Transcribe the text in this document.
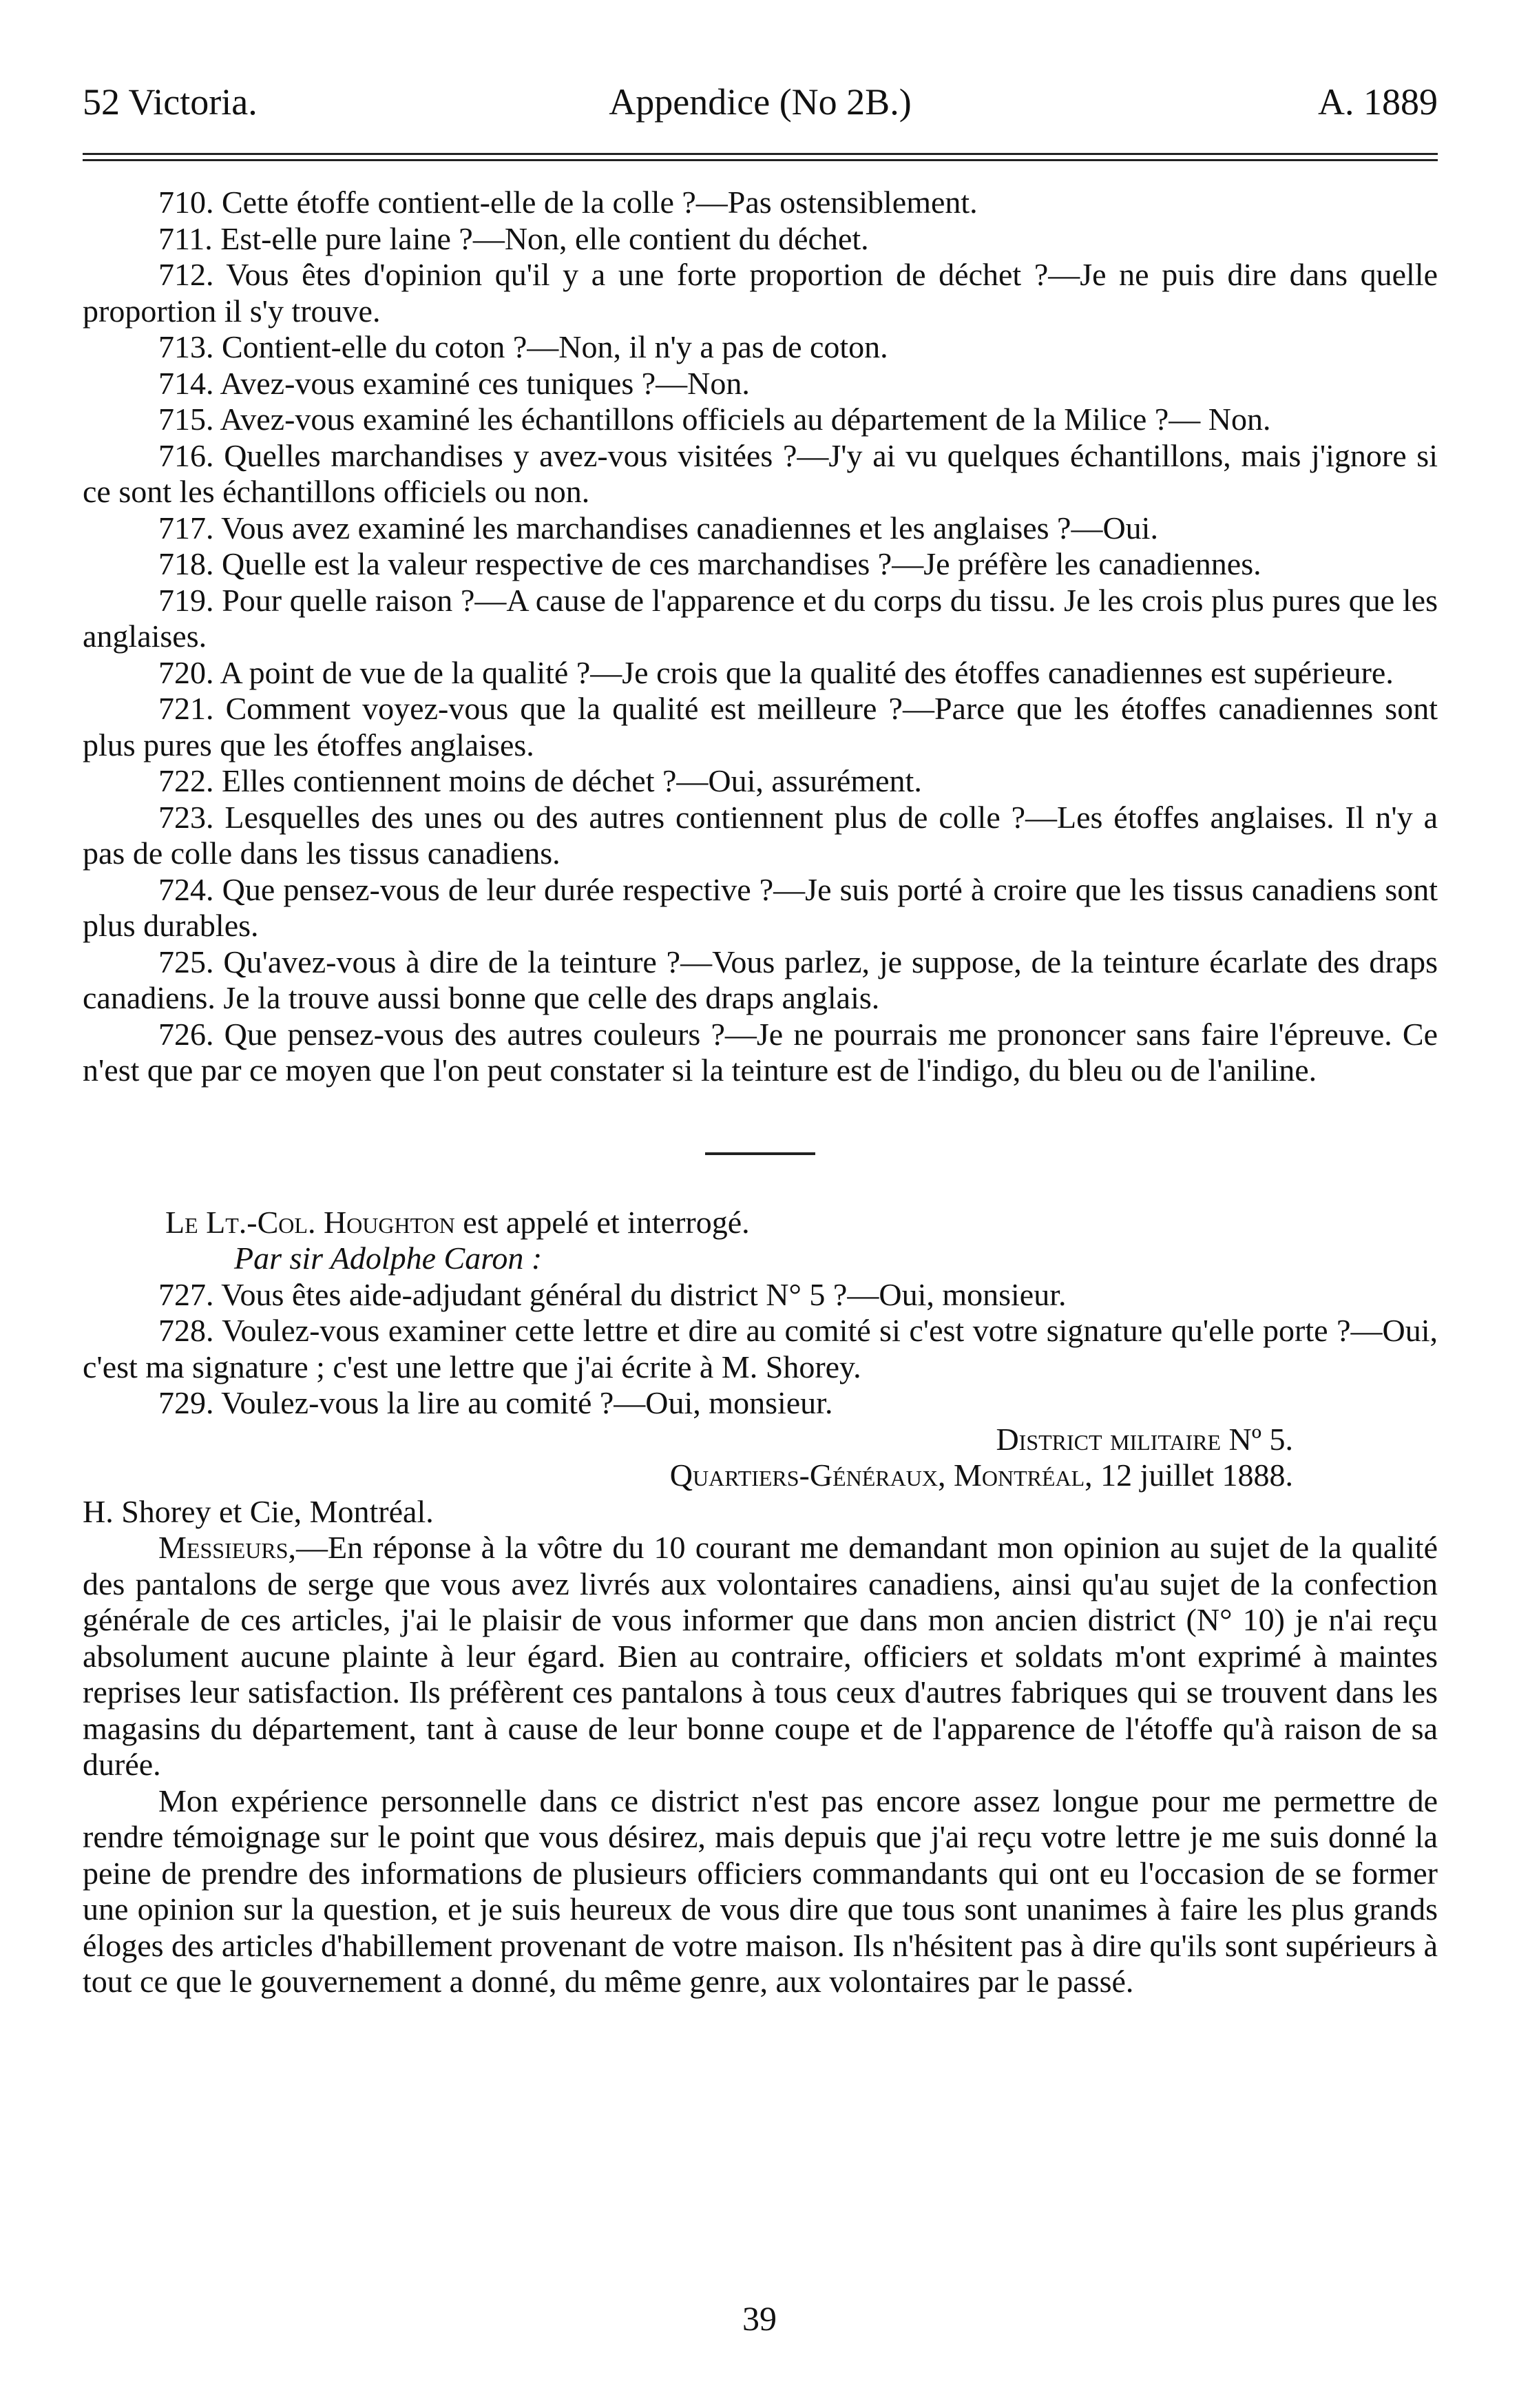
52 Victoria.	Appendice (No 2B.)	A. 1889

710. Cette étoffe contient-elle de la colle ?—Pas ostensiblement.

711. Est-elle pure laine ?—Non, elle contient du déchet.

712. Vous êtes d'opinion qu'il y a une forte proportion de déchet ?—Je ne puis dire dans quelle proportion il s'y trouve.

713. Contient-elle du coton ?—Non, il n'y a pas de coton.

714. Avez-vous examiné ces tuniques ?—Non.

715. Avez-vous examiné les échantillons officiels au département de la Milice ?— Non.

716. Quelles marchandises y avez-vous visitées ?—J'y ai vu quelques échantillons, mais j'ignore si ce sont les échantillons officiels ou non.

717. Vous avez examiné les marchandises canadiennes et les anglaises ?—Oui.

718. Quelle est la valeur respective de ces marchandises ?—Je préfère les canadiennes.

719. Pour quelle raison ?—A cause de l'apparence et du corps du tissu. Je les crois plus pures que les anglaises.

720. A point de vue de la qualité ?—Je crois que la qualité des étoffes canadiennes est supérieure.

721. Comment voyez-vous que la qualité est meilleure ?—Parce que les étoffes canadiennes sont plus pures que les étoffes anglaises.

722. Elles contiennent moins de déchet ?—Oui, assurément.

723. Lesquelles des unes ou des autres contiennent plus de colle ?—Les étoffes anglaises. Il n'y a pas de colle dans les tissus canadiens.

724. Que pensez-vous de leur durée respective ?—Je suis porté à croire que les tissus canadiens sont plus durables.

725. Qu'avez-vous à dire de la teinture ?—Vous parlez, je suppose, de la teinture écarlate des draps canadiens. Je la trouve aussi bonne que celle des draps anglais.

726. Que pensez-vous des autres couleurs ?—Je ne pourrais me prononcer sans faire l'épreuve. Ce n'est que par ce moyen que l'on peut constater si la teinture est de l'indigo, du bleu ou de l'aniline.

Le Lt.-Col. Houghton est appelé et interrogé.

Par sir Adolphe Caron :

727. Vous êtes aide-adjudant général du district N° 5 ?—Oui, monsieur.

728. Voulez-vous examiner cette lettre et dire au comité si c'est votre signature qu'elle porte ?—Oui, c'est ma signature ; c'est une lettre que j'ai écrite à M. Shorey.

729. Voulez-vous la lire au comité ?—Oui, monsieur.

District militaire Nº 5.

Quartiers-Généraux, Montréal, 12 juillet 1888.

H. Shorey et Cie, Montréal.

Messieurs,—En réponse à la vôtre du 10 courant me demandant mon opinion au sujet de la qualité des pantalons de serge que vous avez livrés aux volontaires canadiens, ainsi qu'au sujet de la confection générale de ces articles, j'ai le plaisir de vous informer que dans mon ancien district (N° 10) je n'ai reçu absolument aucune plainte à leur égard. Bien au contraire, officiers et soldats m'ont exprimé à maintes reprises leur satisfaction. Ils préfèrent ces pantalons à tous ceux d'autres fabriques qui se trouvent dans les magasins du département, tant à cause de leur bonne coupe et de l'apparence de l'étoffe qu'à raison de sa durée.

Mon expérience personnelle dans ce district n'est pas encore assez longue pour me permettre de rendre témoignage sur le point que vous désirez, mais depuis que j'ai reçu votre lettre je me suis donné la peine de prendre des informations de plusieurs officiers commandants qui ont eu l'occasion de se former une opinion sur la question, et je suis heureux de vous dire que tous sont unanimes à faire les plus grands éloges des articles d'habillement provenant de votre maison. Ils n'hésitent pas à dire qu'ils sont supérieurs à tout ce que le gouvernement a donné, du même genre, aux volontaires par le passé.

39
